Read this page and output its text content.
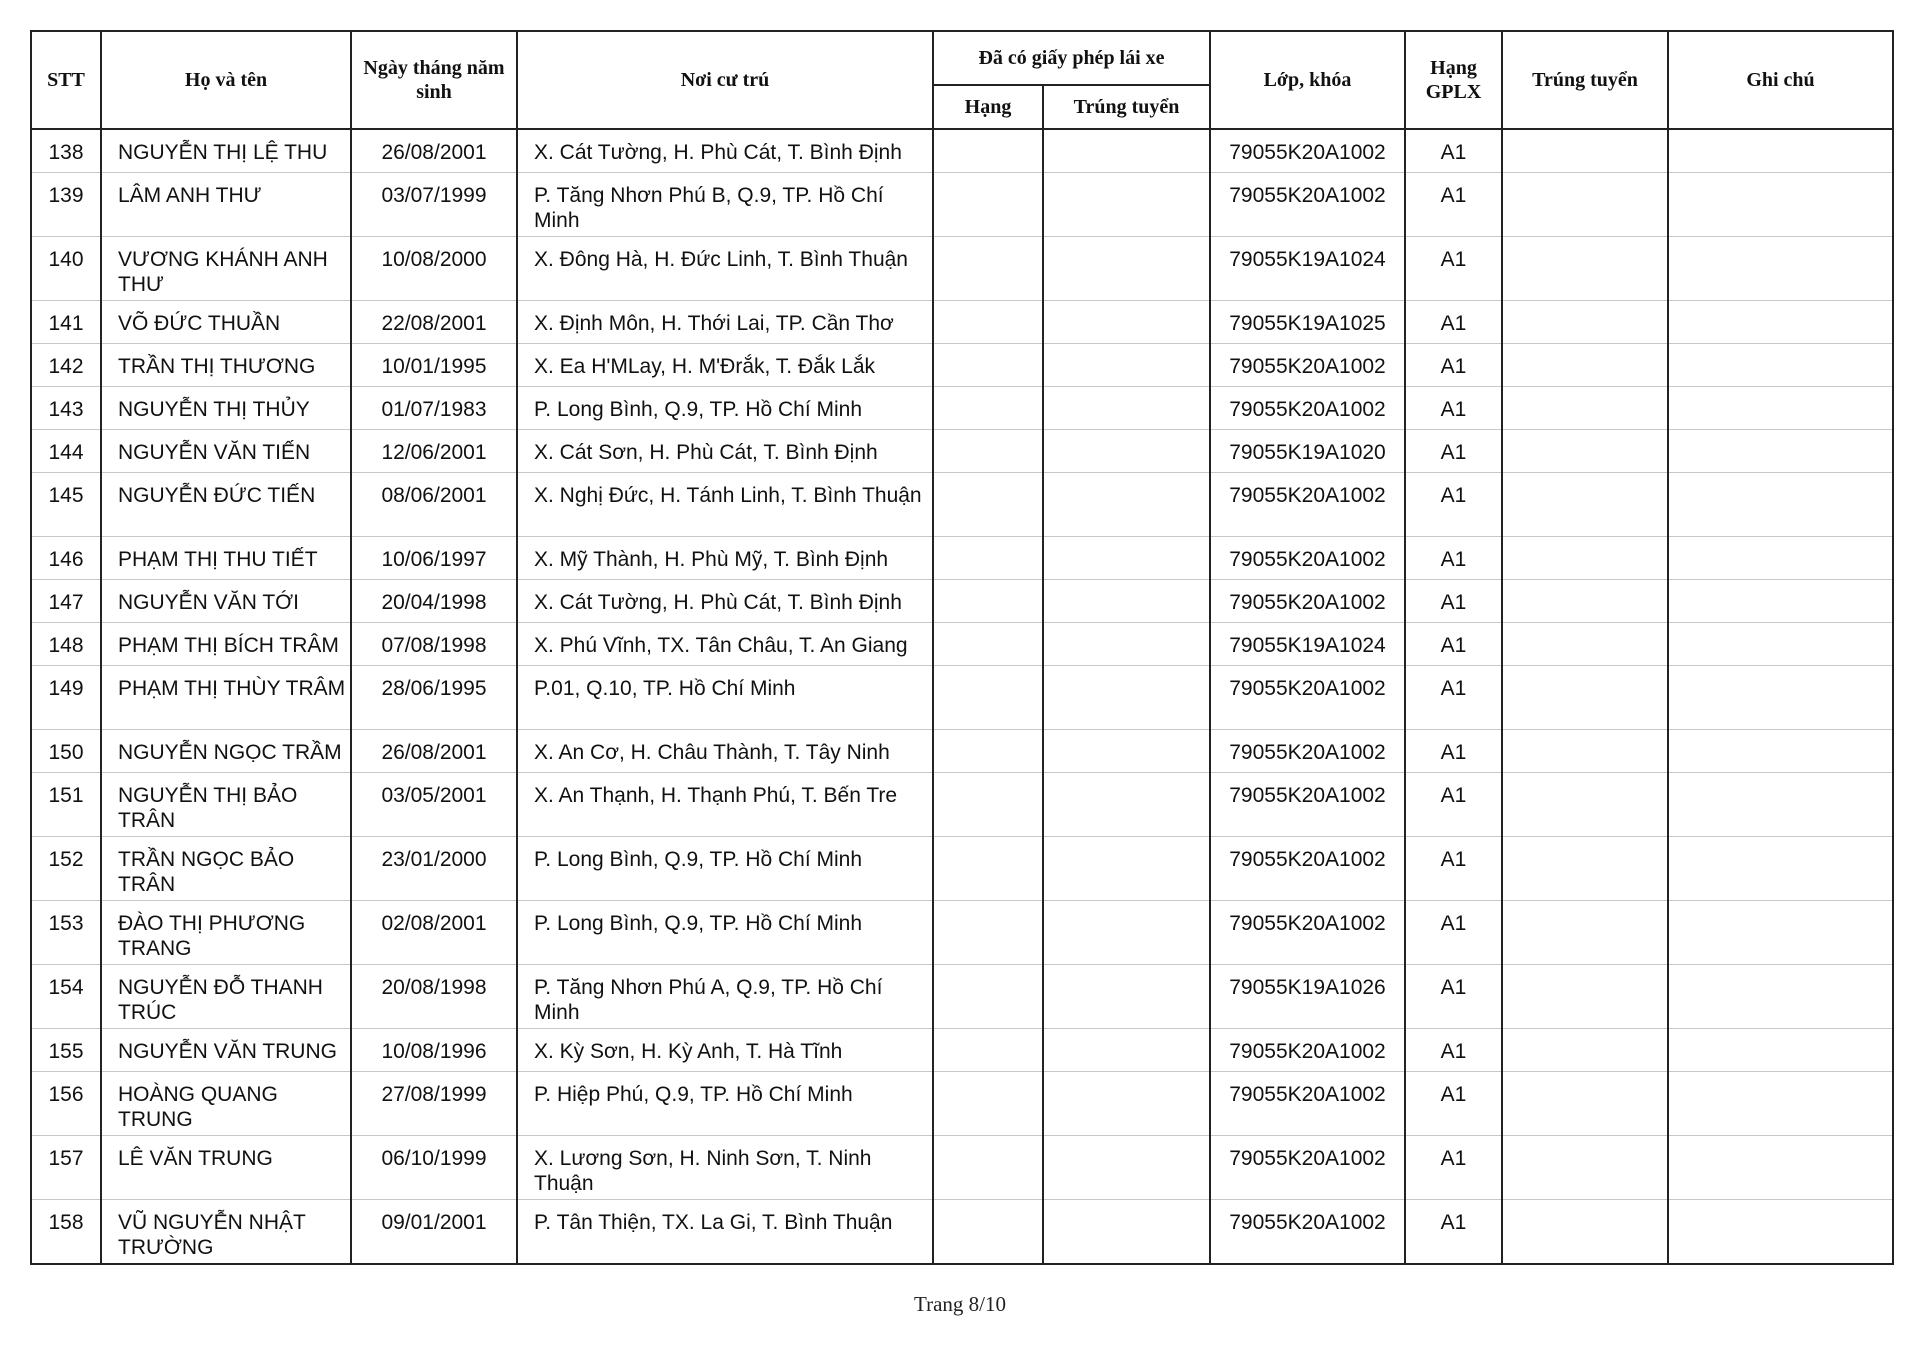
STT	Họ và tên	Ngày tháng năm sinh	Nơi cư trú	Đã có giấy phép lái xe		Lớp, khóa	Hạng GPLX	Trúng tuyển	Ghi chú
				Hạng	Trúng tuyển				
138	NGUYỄN THỊ LỆ THU	26/08/2001	X. Cát Tường, H. Phù Cát, T. Bình Định			79055K20A1002	A1		
139	LÂM ANH THƯ	03/07/1999	P. Tăng Nhơn Phú B, Q.9, TP. Hồ Chí Minh			79055K20A1002	A1		
140	VƯƠNG KHÁNH ANH THƯ	10/08/2000	X. Đông Hà, H. Đức Linh, T. Bình Thuận			79055K19A1024	A1		
141	VÕ ĐỨC THUẦN	22/08/2001	X. Định Môn, H. Thới Lai, TP. Cần Thơ			79055K19A1025	A1		
142	TRẦN THỊ THƯƠNG	10/01/1995	X. Ea H'MLay, H. M'Đrắk, T. Đắk Lắk			79055K20A1002	A1		
143	NGUYỄN THỊ THỦY	01/07/1983	P. Long Bình, Q.9, TP. Hồ Chí Minh			79055K20A1002	A1		
144	NGUYỄN VĂN TIẾN	12/06/2001	X. Cát Sơn, H. Phù Cát, T. Bình Định			79055K19A1020	A1		
145	NGUYỄN ĐỨC TIẾN	08/06/2001	X. Nghị Đức, H. Tánh Linh, T. Bình Thuận			79055K20A1002	A1		
146	PHẠM THỊ THU TIẾT	10/06/1997	X. Mỹ Thành, H. Phù Mỹ, T. Bình Định			79055K20A1002	A1		
147	NGUYỄN VĂN TỚI	20/04/1998	X. Cát Tường, H. Phù Cát, T. Bình Định			79055K20A1002	A1		
148	PHẠM THỊ BÍCH TRÂM	07/08/1998	X. Phú Vĩnh, TX. Tân Châu, T. An Giang			79055K19A1024	A1		
149	PHẠM THỊ THÙY TRÂM	28/06/1995	P.01, Q.10, TP. Hồ Chí Minh			79055K20A1002	A1		
150	NGUYỄN NGỌC TRẦM	26/08/2001	X. An Cơ, H. Châu Thành, T. Tây Ninh			79055K20A1002	A1		
151	NGUYỄN THỊ BẢO TRÂN	03/05/2001	X. An Thạnh, H. Thạnh Phú, T. Bến Tre			79055K20A1002	A1		
152	TRẦN NGỌC BẢO TRÂN	23/01/2000	P. Long Bình, Q.9, TP. Hồ Chí Minh			79055K20A1002	A1		
153	ĐÀO THỊ PHƯƠNG TRANG	02/08/2001	P. Long Bình, Q.9, TP. Hồ Chí Minh			79055K20A1002	A1		
154	NGUYỄN ĐỖ THANH TRÚC	20/08/1998	P. Tăng Nhơn Phú A, Q.9, TP. Hồ Chí Minh			79055K19A1026	A1		
155	NGUYỄN VĂN TRUNG	10/08/1996	X. Kỳ Sơn, H. Kỳ Anh, T. Hà Tĩnh			79055K20A1002	A1		
156	HOÀNG QUANG TRUNG	27/08/1999	P. Hiệp Phú, Q.9, TP. Hồ Chí Minh			79055K20A1002	A1		
157	LÊ VĂN TRUNG	06/10/1999	X. Lương Sơn, H. Ninh Sơn, T. Ninh Thuận			79055K20A1002	A1		
158	VŨ NGUYỄN NHẬT TRƯỜNG	09/01/2001	P. Tân Thiện, TX. La Gi, T. Bình Thuận			79055K20A1002	A1		
Trang 8/10
